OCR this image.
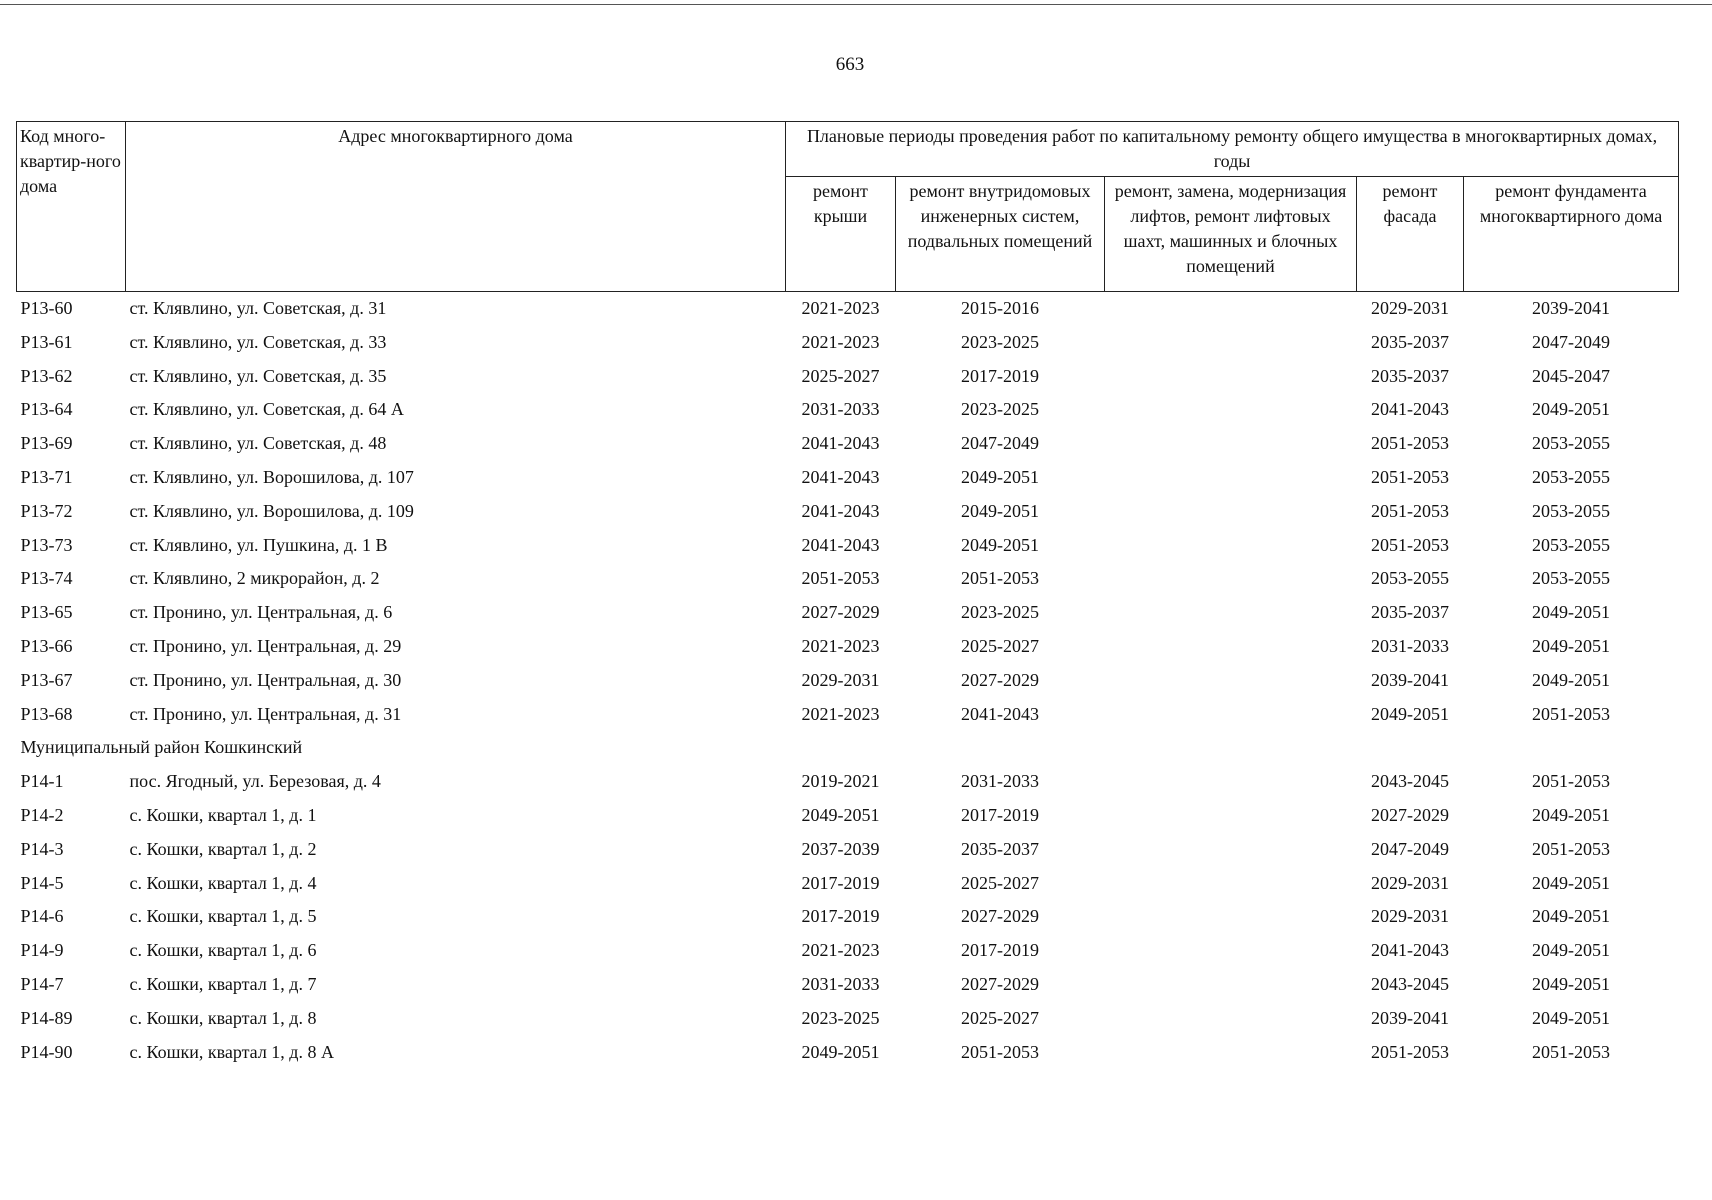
663
Код много-квартир-ного дома	Адрес многоквартирного дома	Плановые периоды проведения работ по капитальному ремонту общего имущества в многоквартирных домах, годы				
		ремонт крыши	ремонт внутридомовых инженерных систем, подвальных помещений	ремонт, замена, модернизация лифтов, ремонт лифтовых шахт, машинных и блочных помещений	ремонт фасада	ремонт фундамента многоквартирного дома
Р13-60	ст. Клявлино, ул. Советская, д. 31	2021-2023	2015-2016		2029-2031	2039-2041
Р13-61	ст. Клявлино, ул. Советская, д. 33	2021-2023	2023-2025		2035-2037	2047-2049
Р13-62	ст. Клявлино, ул. Советская, д. 35	2025-2027	2017-2019		2035-2037	2045-2047
Р13-64	ст. Клявлино, ул. Советская, д. 64 А	2031-2033	2023-2025		2041-2043	2049-2051
Р13-69	ст. Клявлино, ул. Советская, д. 48	2041-2043	2047-2049		2051-2053	2053-2055
Р13-71	ст. Клявлино, ул. Ворошилова, д. 107	2041-2043	2049-2051		2051-2053	2053-2055
Р13-72	ст. Клявлино, ул. Ворошилова, д. 109	2041-2043	2049-2051		2051-2053	2053-2055
Р13-73	ст. Клявлино, ул. Пушкина, д. 1 В	2041-2043	2049-2051		2051-2053	2053-2055
Р13-74	ст. Клявлино, 2 микрорайон, д. 2	2051-2053	2051-2053		2053-2055	2053-2055
Р13-65	ст. Пронино, ул. Центральная, д. 6	2027-2029	2023-2025		2035-2037	2049-2051
Р13-66	ст. Пронино, ул. Центральная, д. 29	2021-2023	2025-2027		2031-2033	2049-2051
Р13-67	ст. Пронино, ул. Центральная, д. 30	2029-2031	2027-2029		2039-2041	2049-2051
Р13-68	ст. Пронино, ул. Центральная, д. 31	2021-2023	2041-2043		2049-2051	2051-2053
Муниципальный район Кошкинский						
Р14-1	пос. Ягодный, ул. Березовая, д. 4	2019-2021	2031-2033		2043-2045	2051-2053
Р14-2	с. Кошки, квартал 1, д. 1	2049-2051	2017-2019		2027-2029	2049-2051
Р14-3	с. Кошки, квартал 1, д. 2	2037-2039	2035-2037		2047-2049	2051-2053
Р14-5	с. Кошки, квартал 1, д. 4	2017-2019	2025-2027		2029-2031	2049-2051
Р14-6	с. Кошки, квартал 1, д. 5	2017-2019	2027-2029		2029-2031	2049-2051
Р14-9	с. Кошки, квартал 1, д. 6	2021-2023	2017-2019		2041-2043	2049-2051
Р14-7	с. Кошки, квартал 1, д. 7	2031-2033	2027-2029		2043-2045	2049-2051
Р14-89	с. Кошки, квартал 1, д. 8	2023-2025	2025-2027		2039-2041	2049-2051
Р14-90	с. Кошки, квартал 1, д. 8 А	2049-2051	2051-2053		2051-2053	2051-2053
